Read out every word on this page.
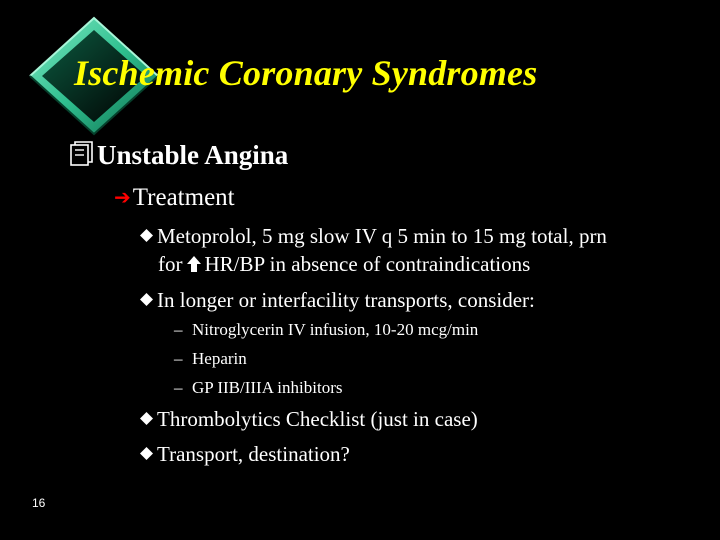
Ischemic Coronary Syndromes
Unstable Angina
➔Treatment
Metoprolol, 5 mg slow IV q 5 min to 15 mg total, prn
for HR/BP in absence of contraindications
In longer or interfacility transports, consider:
– Nitroglycerin IV infusion, 10-20 mcg/min
– Heparin
– GP IIB/IIIA inhibitors
Thrombolytics Checklist (just in case)
Transport, destination?
16
